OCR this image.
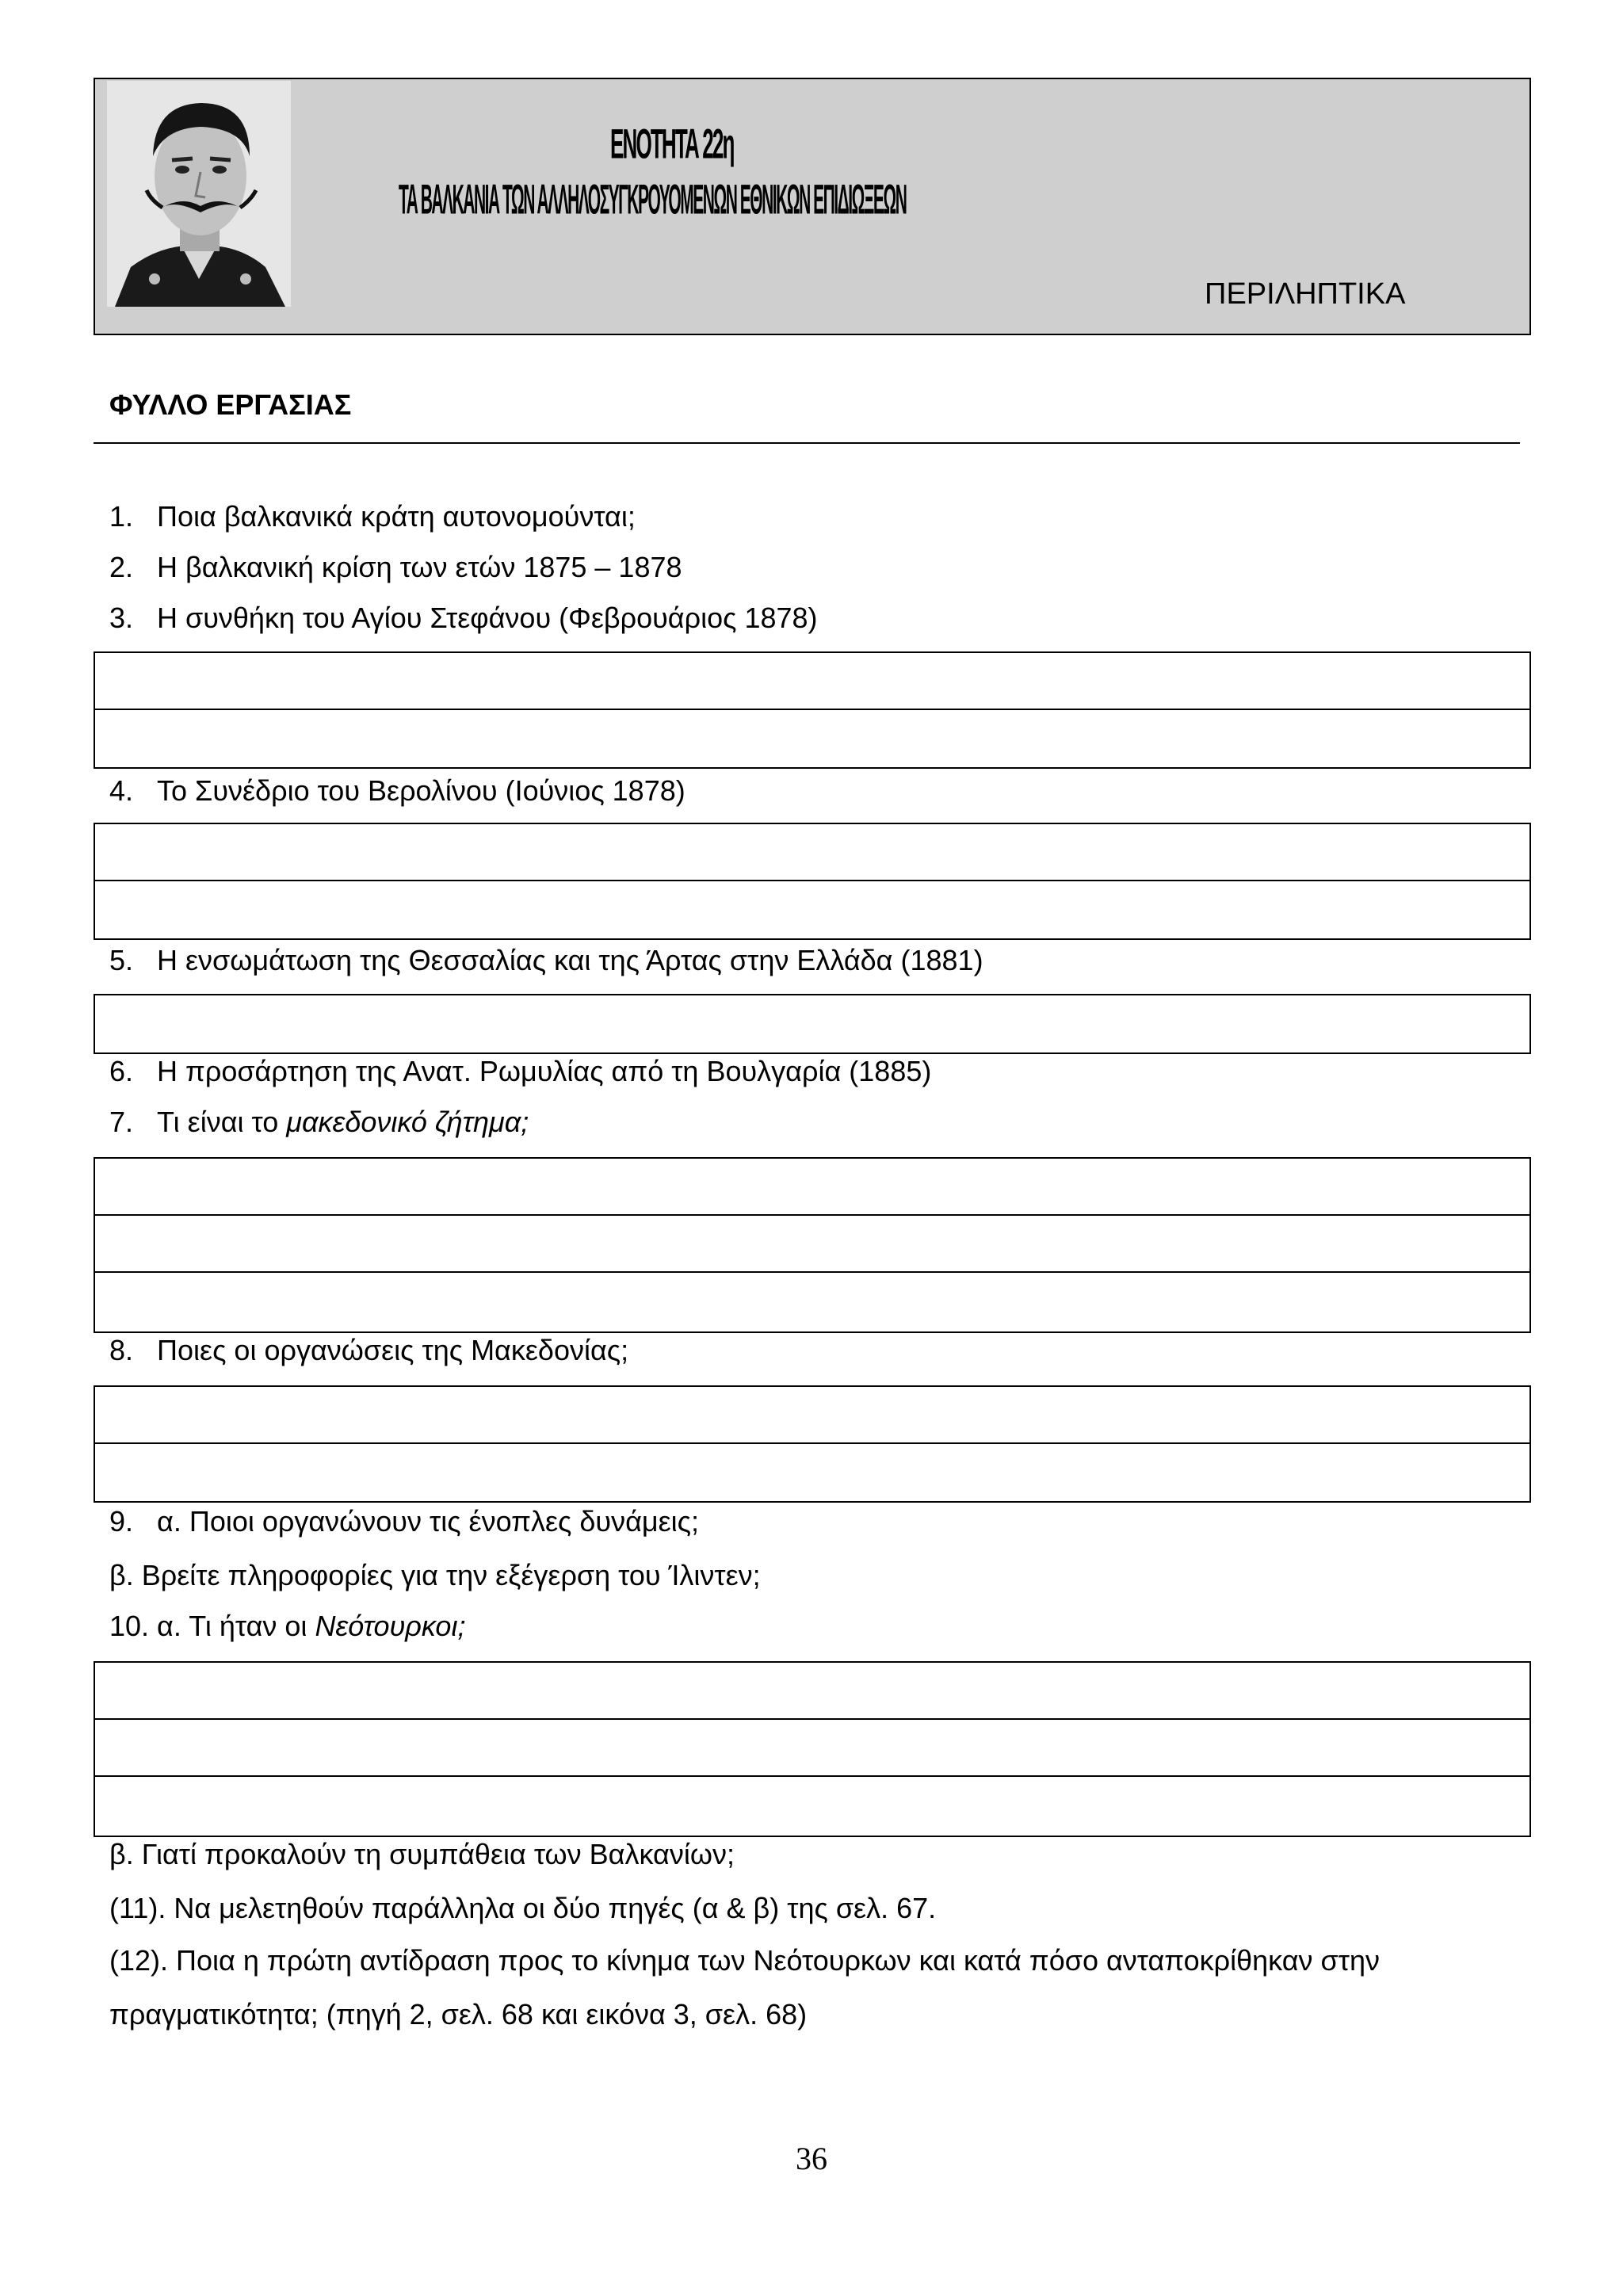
ΕΝΟΤΗΤΑ 22η
ΤΑ ΒΑΛΚΑΝΙΑ ΤΩΝ ΑΛΛΗΛΟΣΥΓΚΡΟΥΟΜΕΝΩΝ ΕΘΝΙΚΩΝ ΕΠΙΔΙΩΞΕΩΝ
ΠΕΡΙΛΗΠΤΙΚΑ
ΦΥΛΛΟ ΕΡΓΑΣΙΑΣ
1. Ποια βαλκανικά κράτη αυτονομούνται;
2. Η βαλκανική κρίση των ετών 1875 – 1878
3. Η συνθήκη του Αγίου Στεφάνου (Φεβρουάριος 1878)
4. Το Συνέδριο του Βερολίνου (Ιούνιος 1878)
5. Η ενσωμάτωση της Θεσσαλίας και της Άρτας στην Ελλάδα (1881)
6. Η προσάρτηση της Ανατ. Ρωμυλίας από τη Βουλγαρία (1885)
7. Τι είναι το μακεδονικό ζήτημα;
8. Ποιες οι οργανώσεις της Μακεδονίας;
9. α. Ποιοι οργανώνουν τις ένοπλες δυνάμεις;
β. Βρείτε πληροφορίες για την εξέγερση του Ίλιντεν;
10. α. Τι ήταν οι Νεότουρκοι;
β. Γιατί προκαλούν τη συμπάθεια των Βαλκανίων;
(11). Να μελετηθούν παράλληλα οι δύο πηγές (α & β) της σελ. 67.
(12). Ποια η πρώτη αντίδραση προς το κίνημα των Νεότουρκων και κατά πόσο ανταποκρίθηκαν στην
πραγματικότητα; (πηγή 2, σελ. 68 και εικόνα 3, σελ. 68)
36
